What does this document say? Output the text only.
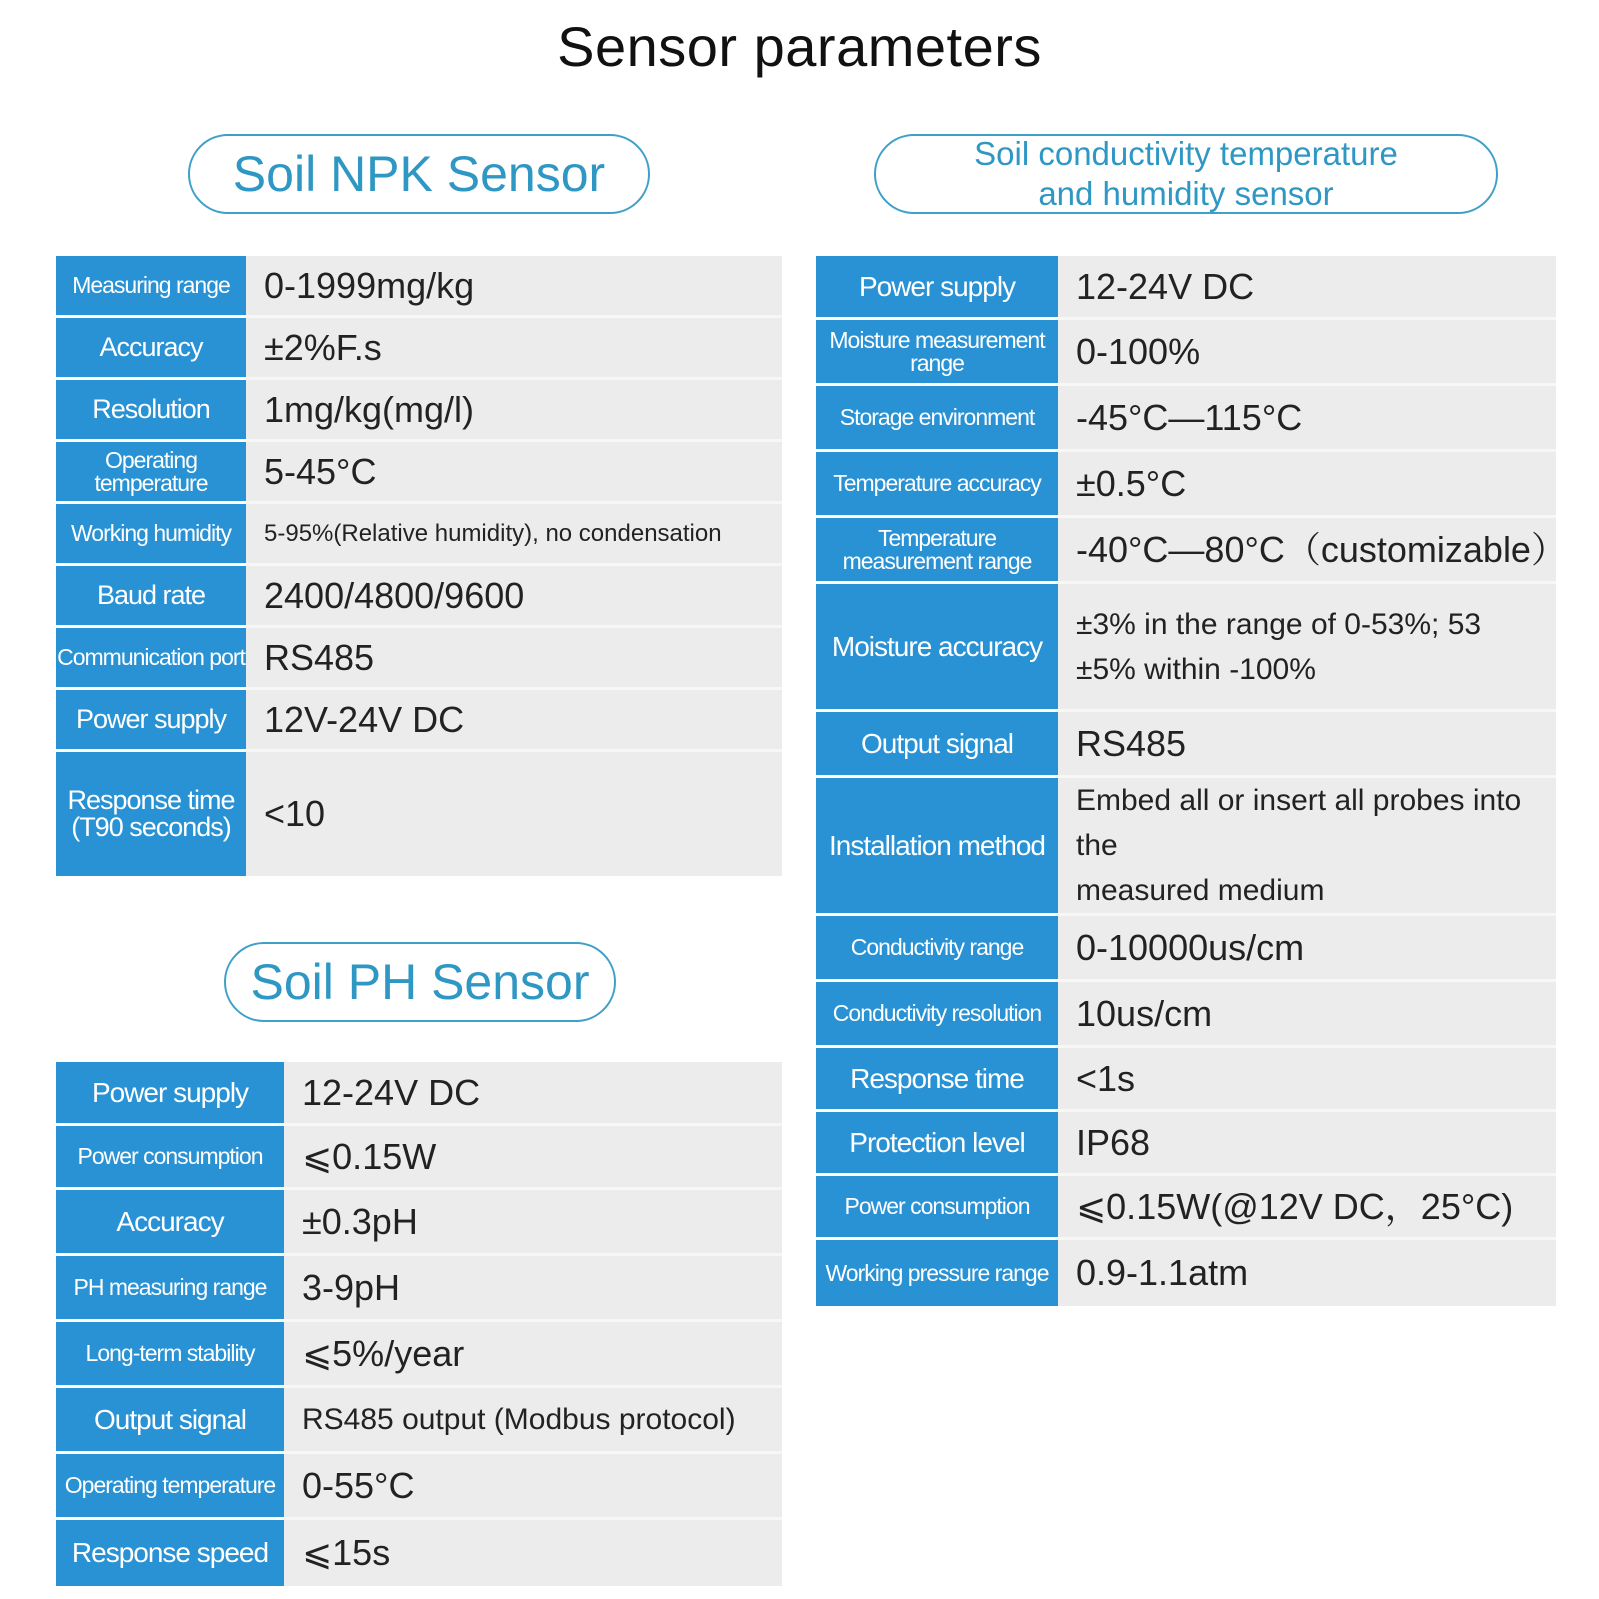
Sensor parameters
Soil NPK Sensor
Measuring range	0-1999mg/kg
Accuracy	±2%F.s
Resolution	1mg/kg(mg/l)
Operating temperature	5-45°C
Working humidity	5-95%(Relative humidity), no condensation
Baud rate	2400/4800/9600
Communication port	RS485
Power supply	12V-24V DC
Response time (T90 seconds)	<10
Soil PH Sensor
Power supply	12-24V DC
Power consumption	⩽0.15W
Accuracy	±0.3pH
PH measuring range	3-9pH
Long-term stability	⩽5%/year
Output signal	RS485 output (Modbus protocol)
Operating temperature	0-55°C
Response speed	⩽15s
Soil conductivity temperature
and humidity sensor
Power supply	12-24V DC
Moisture measurement range	0-100%
Storage environment	-45°C—115°C
Temperature accuracy	±0.5°C
Temperature measurement range	-40°C—80°C（customizable）
Moisture accuracy	±3% in the range of 0-53%; 53
±5% within -100%

Output signal	RS485
Installation method	Embed all or insert all probes into the
measured medium

Conductivity range	0-10000us/cm
Conductivity resolution	10us/cm
Response time	<1s
Protection level	IP68
Power consumption	⩽0.15W(@12V DC，25°C)
Working pressure range	0.9-1.1atm
